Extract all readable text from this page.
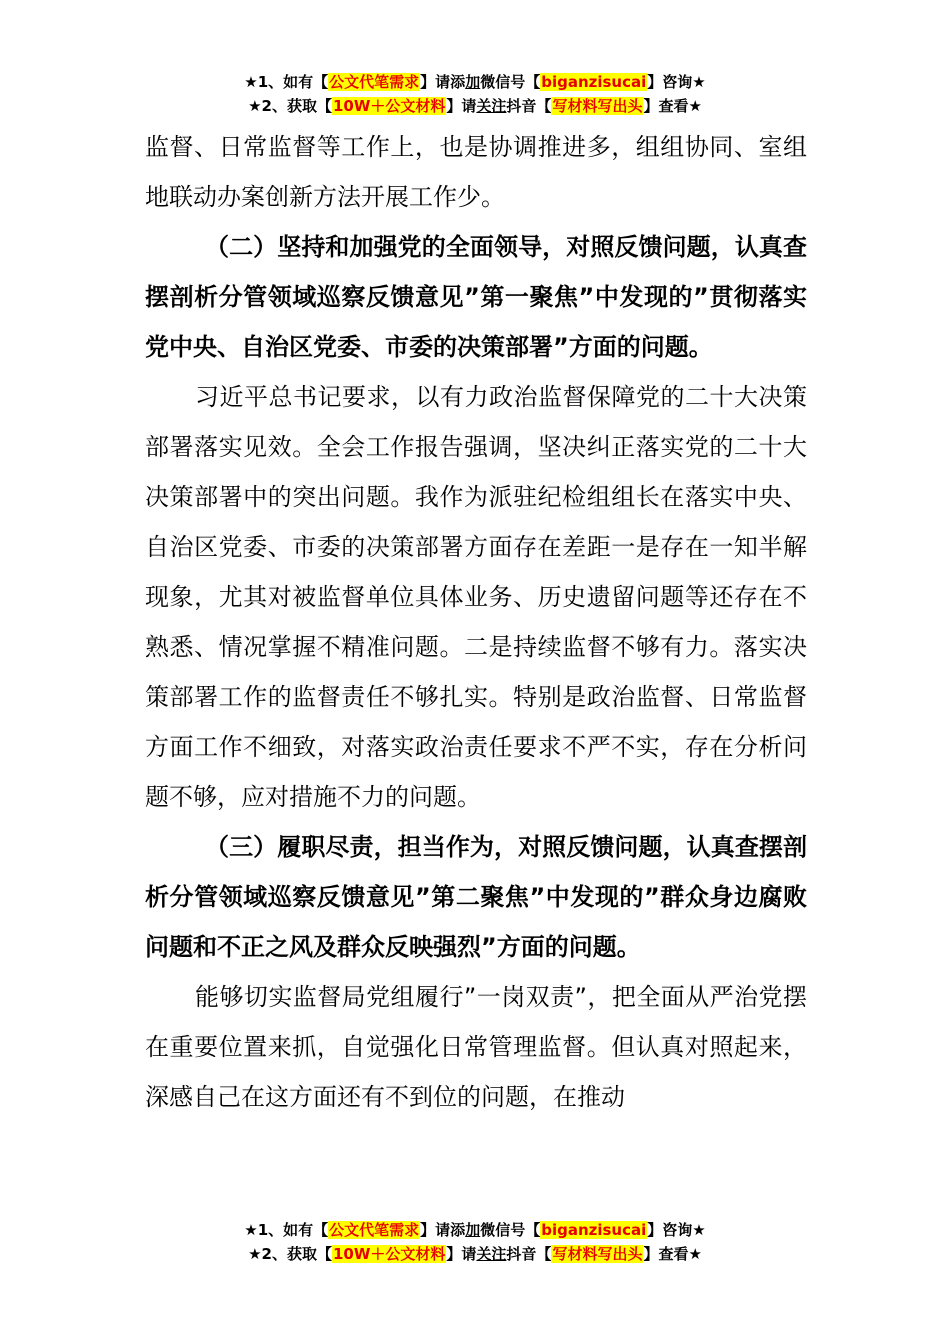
★1、如有【公文代笔需求】请添加微信号【biganzisucai】咨询★
★2、获取【10W＋公文材料】请关注抖音【写材料写出头】查看★

监督、日常监督等工作上，也是协调推进多，组组协同、室组地联动办案创新方法开展工作少。

（二）坚持和加强党的全面领导，对照反馈问题，认真查摆剖析分管领域巡察反馈意见”第一聚焦”中发现的”贯彻落实党中央、自治区党委、市委的决策部署”方面的问题。

习近平总书记要求，以有力政治监督保障党的二十大决策部署落实见效。全会工作报告强调，坚决纠正落实党的二十大决策部署中的突出问题。我作为派驻纪检组组长在落实中央、自治区党委、市委的决策部署方面存在差距一是存在一知半解现象，尤其对被监督单位具体业务、历史遗留问题等还存在不熟悉、情况掌握不精准问题。二是持续监督不够有力。落实决策部署工作的监督责任不够扎实。特别是政治监督、日常监督方面工作不细致，对落实政治责任要求不严不实，存在分析问题不够，应对措施不力的问题。

（三）履职尽责，担当作为，对照反馈问题，认真查摆剖析分管领域巡察反馈意见”第二聚焦”中发现的”群众身边腐败问题和不正之风及群众反映强烈”方面的问题。

能够切实监督局党组履行”一岗双责”，把全面从严治党摆在重要位置来抓，自觉强化日常管理监督。但认真对照起来，深感自己在这方面还有不到位的问题，在推动

★1、如有【公文代笔需求】请添加微信号【biganzisucai】咨询★
★2、获取【10W＋公文材料】请关注抖音【写材料写出头】查看★
